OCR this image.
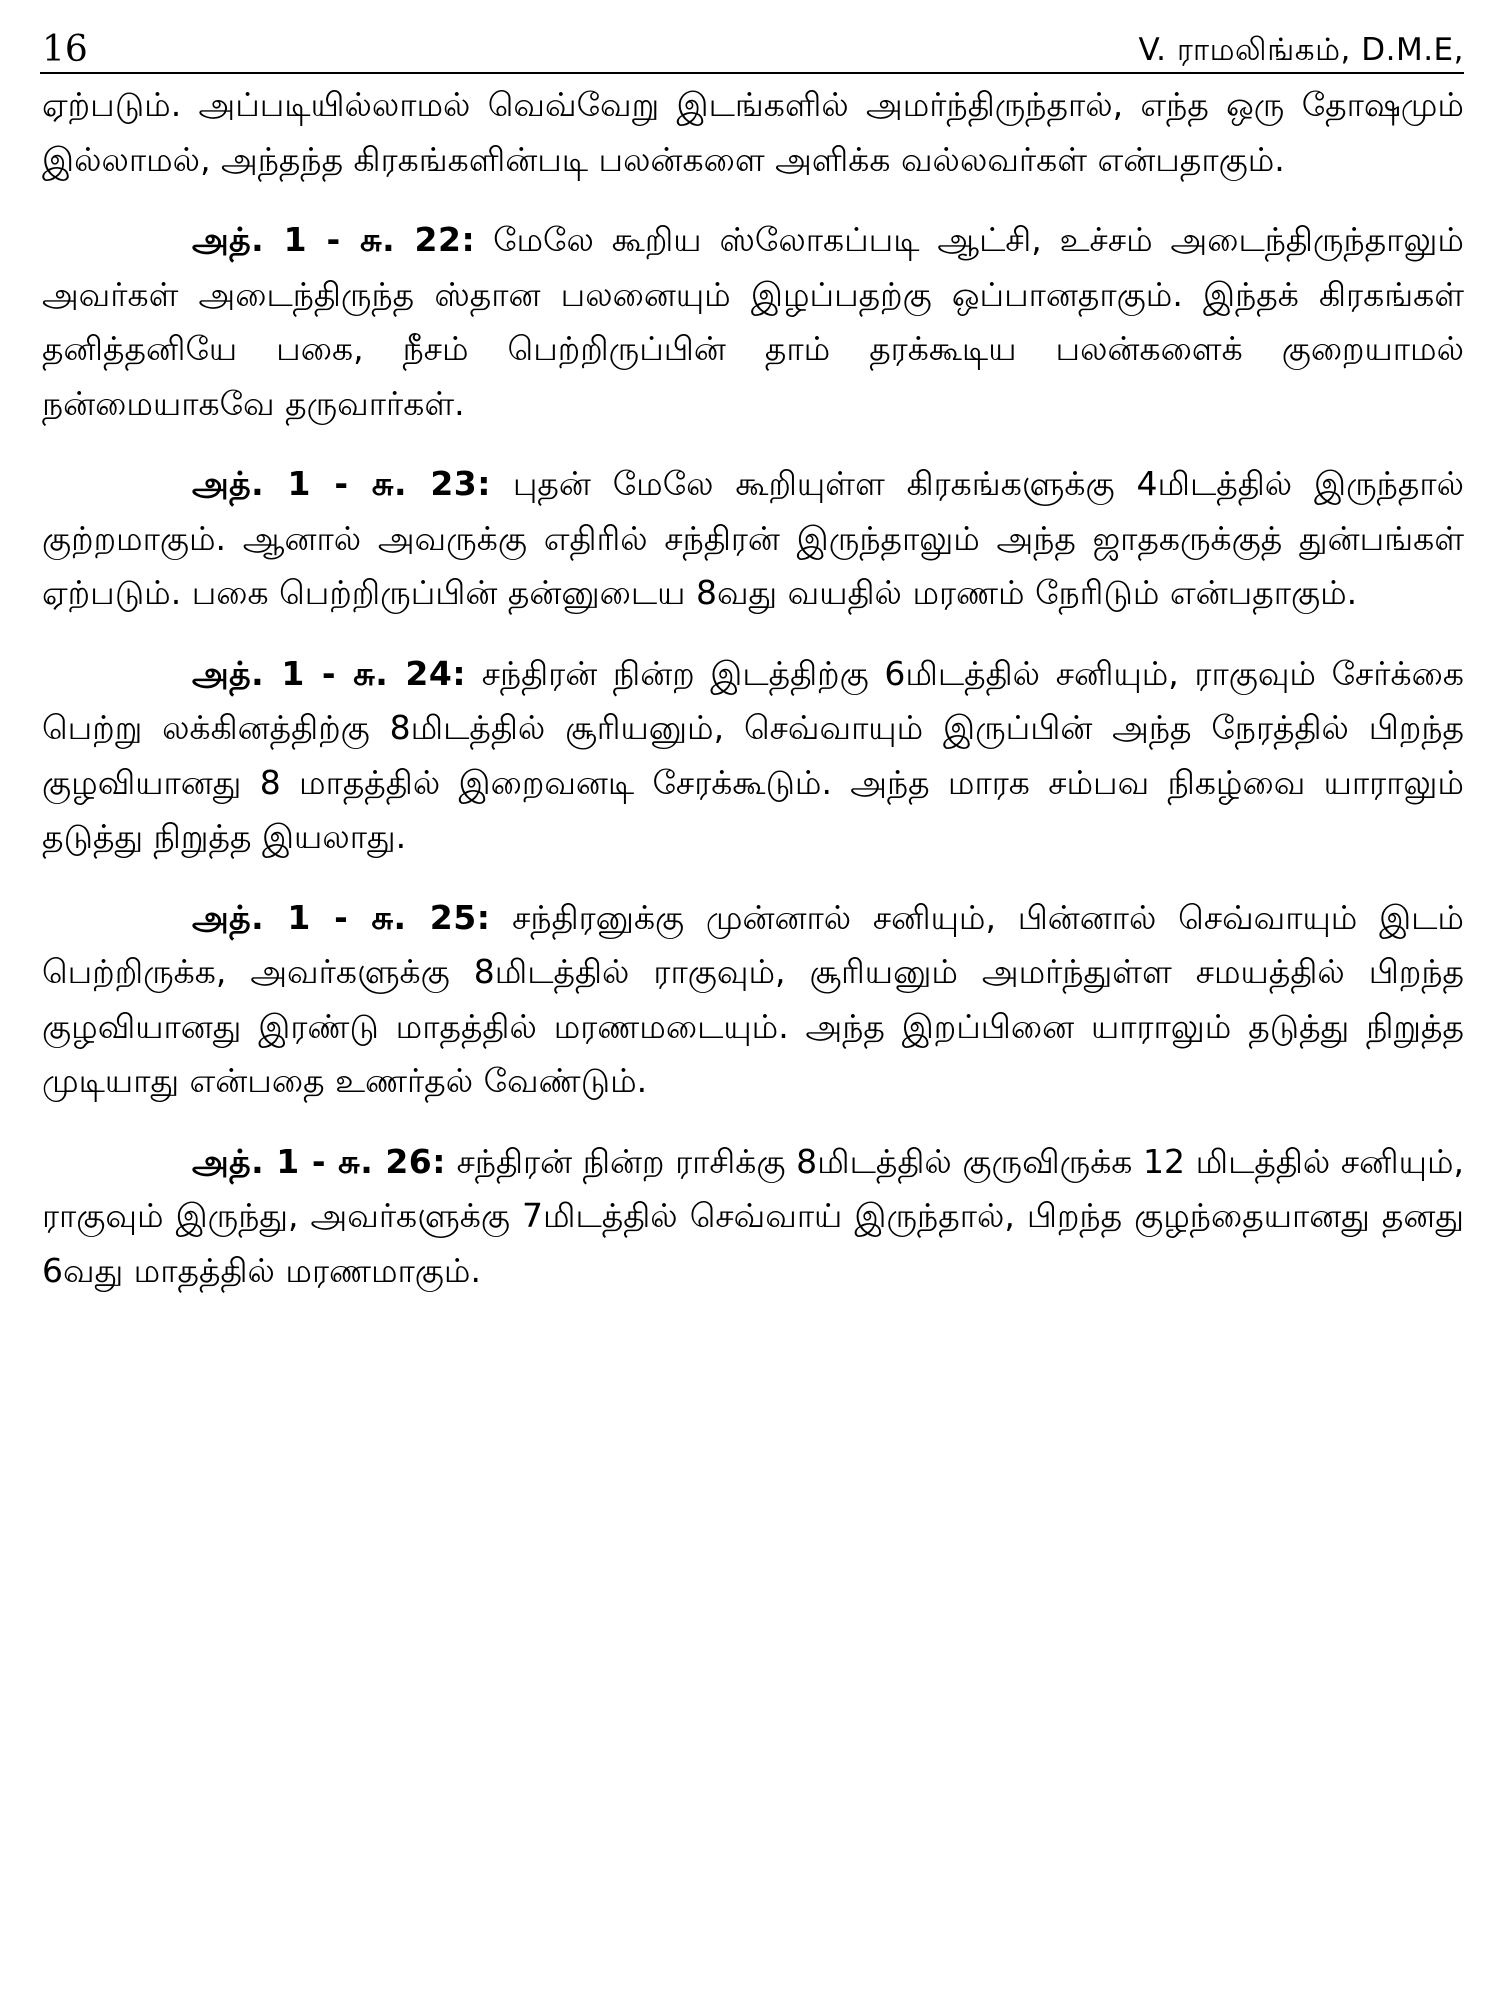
16	V. ராமலிங்கம், D.M.E,

ஏற்படும். அப்படியில்லாமல் வெவ்வேறு இடங்களில் அமர்ந்திருந்தால், எந்த ஒரு தோஷமும் இல்லாமல், அந்தந்த கிரகங்களின்படி பலன்களை அளிக்க வல்லவர்கள் என்பதாகும்.

அத். 1 - சு. 22: மேலே கூறிய ஸ்லோகப்படி ஆட்சி, உச்சம் அடைந்திருந்தாலும் அவர்கள் அடைந்திருந்த ஸ்தான பலனையும் இழப்பதற்கு ஒப்பானதாகும். இந்தக் கிரகங்கள் தனித்தனியே பகை, நீசம் பெற்றிருப்பின் தாம் தரக்கூடிய பலன்களைக் குறையாமல் நன்மையாகவே தருவார்கள்.

அத். 1 - சு. 23: புதன் மேலே கூறியுள்ள கிரகங்களுக்கு 4மிடத்தில் இருந்தால் குற்றமாகும். ஆனால் அவருக்கு எதிரில் சந்திரன் இருந்தாலும் அந்த ஜாதகருக்குத் துன்பங்கள் ஏற்படும். பகை பெற்றிருப்பின் தன்னுடைய 8வது வயதில் மரணம் நேரிடும் என்பதாகும்.

அத். 1 - சு. 24: சந்திரன் நின்ற இடத்திற்கு 6மிடத்தில் சனியும், ராகுவும் சேர்க்கை பெற்று லக்கினத்திற்கு 8மிடத்தில் சூரியனும், செவ்வாயும் இருப்பின் அந்த நேரத்தில் பிறந்த குழவியானது 8 மாதத்தில் இறைவனடி சேரக்கூடும். அந்த மாரக சம்பவ நிகழ்வை யாராலும் தடுத்து நிறுத்த இயலாது.

அத். 1 - சு. 25: சந்திரனுக்கு முன்னால் சனியும், பின்னால் செவ்வாயும் இடம் பெற்றிருக்க, அவர்களுக்கு 8மிடத்தில் ராகுவும், சூரியனும் அமர்ந்துள்ள சமயத்தில் பிறந்த குழவியானது இரண்டு மாதத்தில் மரணமடையும். அந்த இறப்பினை யாராலும் தடுத்து நிறுத்த முடியாது என்பதை உணர்தல் வேண்டும்.

அத். 1 - சு. 26: சந்திரன் நின்ற ராசிக்கு 8மிடத்தில் குருவிருக்க 12 மிடத்தில் சனியும், ராகுவும் இருந்து, அவர்களுக்கு 7மிடத்தில் செவ்வாய் இருந்தால், பிறந்த குழந்தையானது தனது 6வது மாதத்தில் மரணமாகும்.
